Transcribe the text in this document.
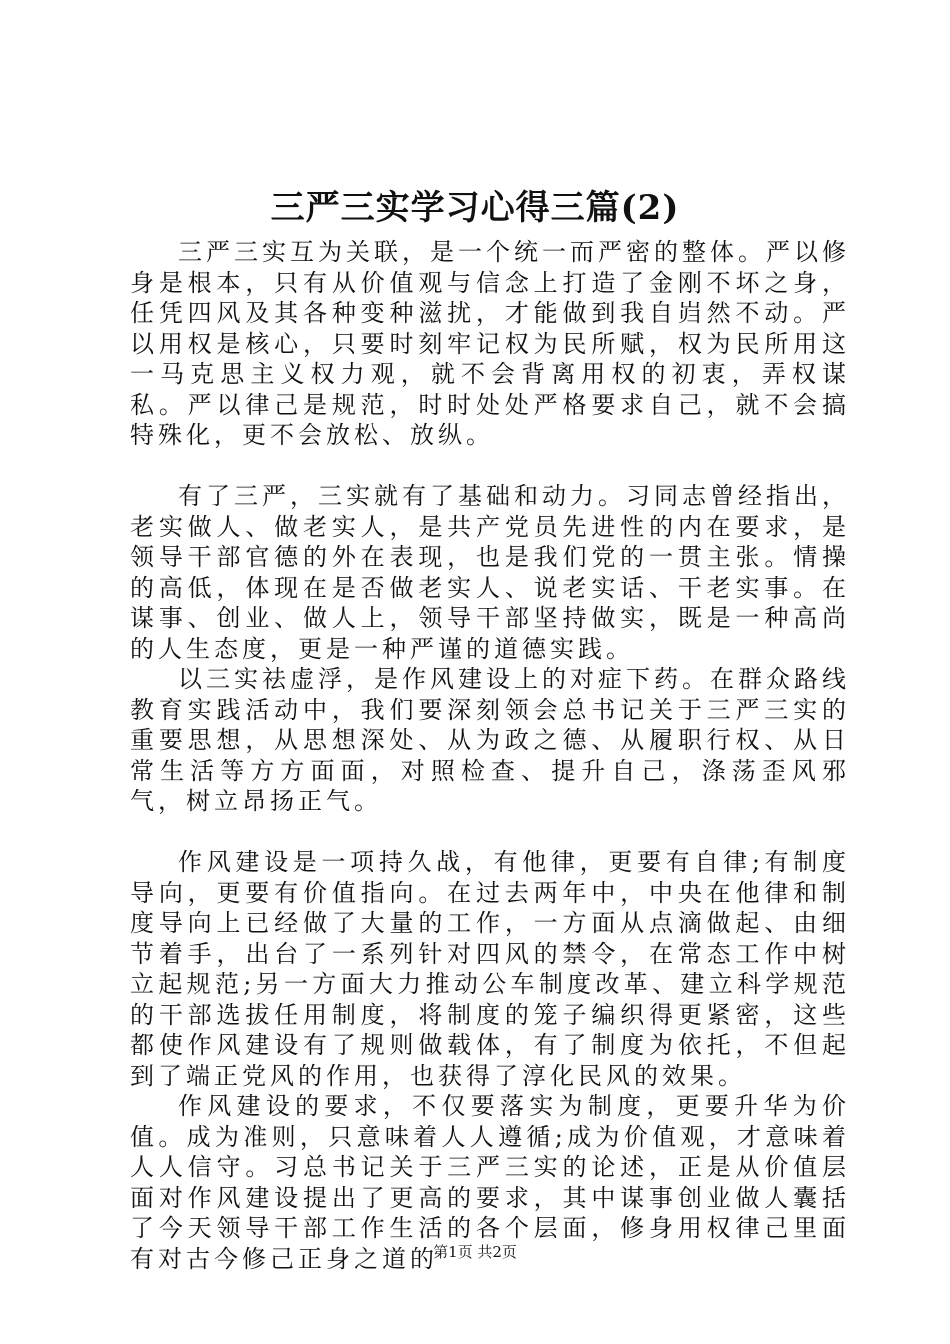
三严三实学习心得三篇(2)

三严三实互为关联，是一个统一而严密的整体。严以修身是根本，只有从价值观与信念上打造了金刚不坏之身，任凭四风及其各种变种滋扰，才能做到我自岿然不动。严以用权是核心，只要时刻牢记权为民所赋，权为民所用这一马克思主义权力观，就不会背离用权的初衷，弄权谋私。严以律己是规范，时时处处严格要求自己，就不会搞特殊化，更不会放松、放纵。

有了三严，三实就有了基础和动力。习同志曾经指出，老实做人、做老实人，是共产党员先进性的内在要求，是领导干部官德的外在表现，也是我们党的一贯主张。情操的高低，体现在是否做老实人、说老实话、干老实事。在谋事、创业、做人上，领导干部坚持做实，既是一种高尚的人生态度，更是一种严谨的道德实践。

以三实祛虚浮，是作风建设上的对症下药。在群众路线教育实践活动中，我们要深刻领会总书记关于三严三实的重要思想，从思想深处、从为政之德、从履职行权、从日常生活等方方面面，对照检查、提升自己，涤荡歪风邪气，树立昂扬正气。

作风建设是一项持久战，有他律，更要有自律;有制度导向，更要有价值指向。在过去两年中，中央在他律和制度导向上已经做了大量的工作，一方面从点滴做起、由细节着手，出台了一系列针对四风的禁令，在常态工作中树立起规范;另一方面大力推动公车制度改革、建立科学规范的干部选拔任用制度，将制度的笼子编织得更紧密，这些都使作风建设有了规则做载体，有了制度为依托，不但起到了端正党风的作用，也获得了淳化民风的效果。

作风建设的要求，不仅要落实为制度，更要升华为价值。成为准则，只意味着人人遵循;成为价值观，才意味着人人信守。习总书记关于三严三实的论述，正是从价值层面对作风建设提出了更高的要求，其中谋事创业做人囊括了今天领导干部工作生活的各个层面，修身用权律己里面有对古今修己正身之道的

第1页 共2页
